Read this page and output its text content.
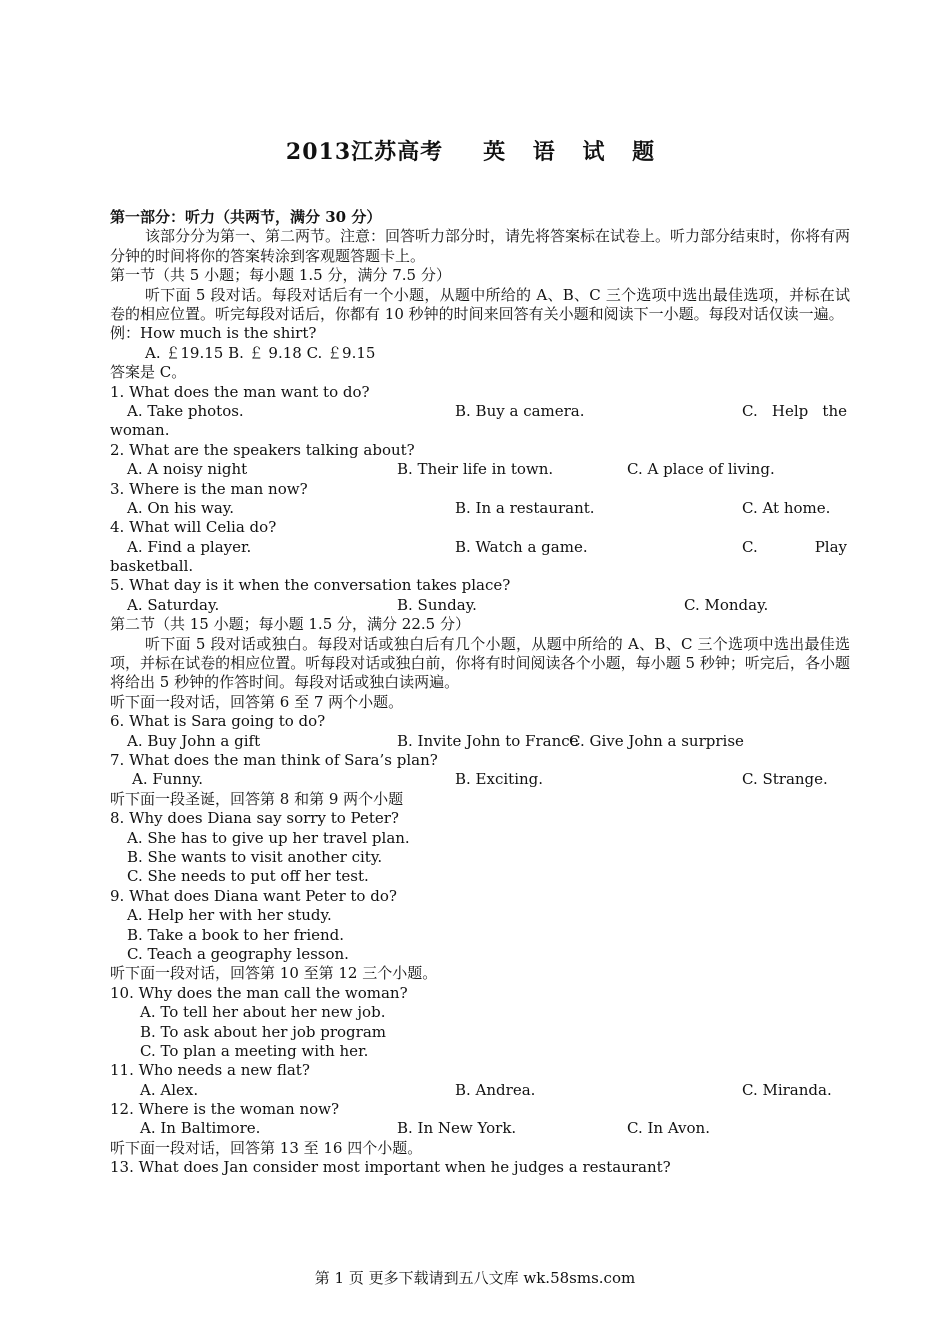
2013江苏高考 英 语 试 题
第一部分：听力（共两节，满分 30 分）
该部分分为第一、第二两节。注意：回答听力部分时，请先将答案标在试卷上。听力部分结束时，你将有两分钟的时间将你的答案转涂到客观题答题卡上。
第一节（共 5 小题；每小题 1.5 分，满分 7.5 分）
听下面 5 段对话。每段对话后有一个小题，从题中所给的 A、B、C 三个选项中选出最佳选项，并标在试卷的相应位置。听完每段对话后，你都有 10 秒钟的时间来回答有关小题和阅读下一小题。每段对话仅读一遍。
例：How much is the shirt?
A. ￡19.15 B. ￡ 9.18 C. ￡9.15
答案是 C。
1. What does the man want to do?
A. Take photos.	B. Buy a camera.	C. Help the
woman.
2. What are the speakers talking about?
A. A noisy night	B. Their life in town.	C. A place of living.
3. Where is the man now?
A. On his way.	B. In a restaurant.	C. At home.
4. What will Celia do?
A. Find a player.	B. Watch a game.	C.	Play
basketball.
5. What day is it when the conversation takes place?
A. Saturday.	B. Sunday.	C. Monday.
第二节（共 15 小题；每小题 1.5 分，满分 22.5 分）
听下面 5 段对话或独白。每段对话或独白后有几个小题，从题中所给的 A、B、C 三个选项中选出最佳选项，并标在试卷的相应位置。听每段对话或独白前，你将有时间阅读各个小题，每小题 5 秒钟；听完后，各小题将给出 5 秒钟的作答时间。每段对话或独白读两遍。
听下面一段对话，回答第 6 至 7 两个小题。
6. What is Sara going to do?
A. Buy John a gift	B. Invite John to France
C. Give John a surprise
7. What does the man think of Sara’s plan?
A. Funny.	B. Exciting.	C. Strange.
听下面一段圣诞，回答第 8 和第 9 两个小题
8. Why does Diana say sorry to Peter?
A. She has to give up her travel plan.
B. She wants to visit another city.
C. She needs to put off her test.
9. What does Diana want Peter to do?
A. Help her with her study.
B. Take a book to her friend.
C. Teach a geography lesson.
听下面一段对话，回答第 10 至第 12 三个小题。
10. Why does the man call the woman?
A. To tell her about her new job.
B. To ask about her job program
C. To plan a meeting with her.
11. Who needs a new flat?
A. Alex.	B. Andrea.	C. Miranda.
12. Where is the woman now?
A. In Baltimore.	B. In New York.	C. In Avon.
听下面一段对话，回答第 13 至 16 四个小题。
13. What does Jan consider most important when he judges a restaurant?
第 1 页 更多下载请到五八文库 wk.58sms.com
